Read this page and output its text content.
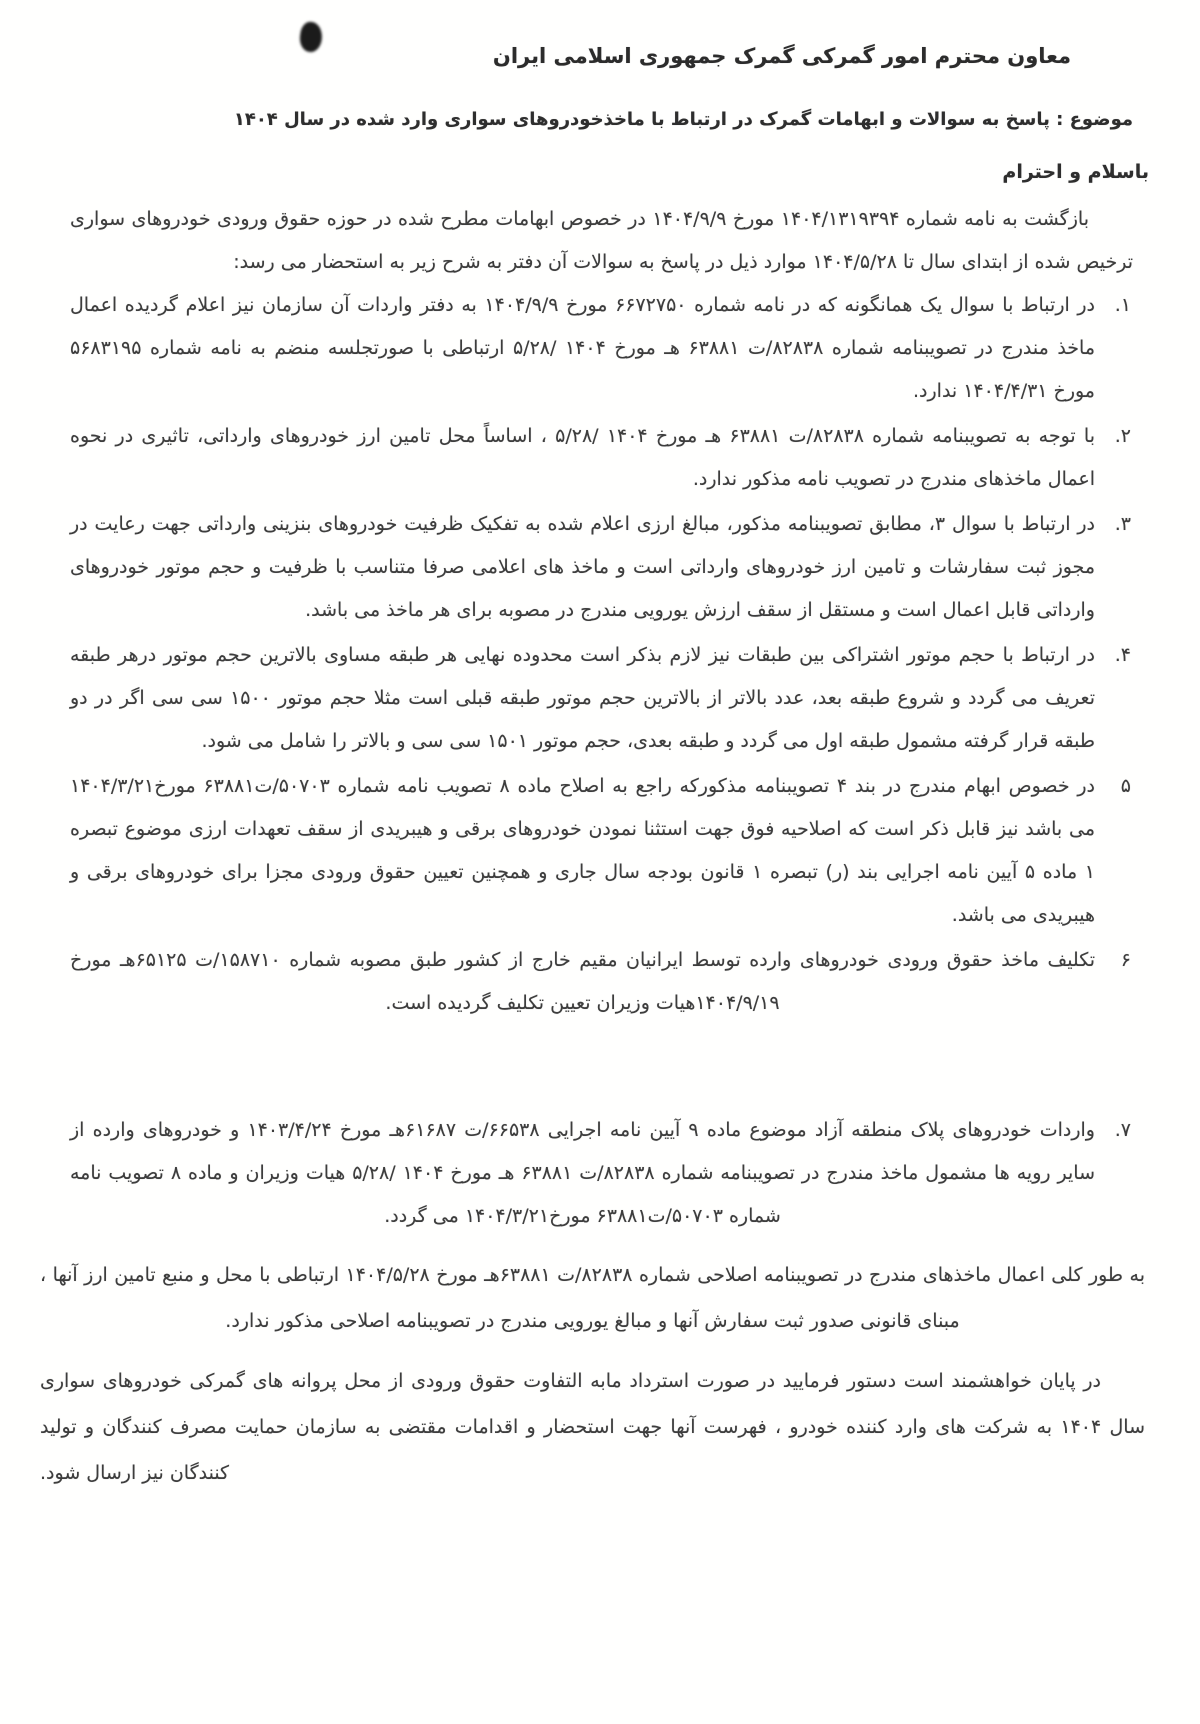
معاون محترم امور گمرکی گمرک جمهوری اسلامی ایران
موضوع : پاسخ به سوالات و ابهامات گمرک در ارتباط با ماخذخودروهای سواری وارد شده در سال ۱۴۰۴
باسلام و احترام

بازگشت به نامه شماره ۱۴۰۴/۱۳۱۹۳۹۴ مورخ ۱۴۰۴/۹/۹ در خصوص ابهامات مطرح شده در حوزه حقوق ورودی خودروهای سواری ترخیص شده از ابتدای سال تا ۱۴۰۴/۵/۲۸ موارد ذیل در پاسخ به سوالات آن دفتر به شرح زیر به استحضار می رسد:

۱.
در ارتباط با سوال یک همانگونه که در نامه شماره ۶۶۷۲۷۵۰ مورخ ۱۴۰۴/۹/۹ به دفتر واردات آن سازمان نیز اعلام گردیده اعمال ماخذ مندرج در تصویبنامه شماره ۸۲۸۳۸/ت ۶۳۸۸۱ هـ مورخ ۱۴۰۴ /۵/۲۸ ارتباطی با صورتجلسه منضم به نامه شماره ۵۶۸۳۱۹۵ مورخ ۱۴۰۴/۴/۳۱ ندارد.
۲.
با توجه به تصویبنامه شماره ۸۲۸۳۸/ت ۶۳۸۸۱ هـ مورخ ۱۴۰۴ /۵/۲۸ ، اساساً محل تامین ارز خودروهای وارداتی، تاثیری در نحوه اعمال ماخذهای مندرج در تصویب نامه مذکور ندارد.
۳.
در ارتباط با سوال ۳، مطابق تصویبنامه مذکور، مبالغ ارزی اعلام شده به تفکیک ظرفیت خودروهای بنزینی وارداتی جهت رعایت در مجوز ثبت سفارشات و تامین ارز خودروهای وارداتی است و ماخذ های اعلامی صرفا متناسب با ظرفیت و حجم موتور خودروهای وارداتی قابل اعمال است و مستقل از سقف ارزش یورویی مندرج در مصوبه برای هر ماخذ می باشد.
۴.
در ارتباط با حجم موتور اشتراکی بین طبقات نیز لازم بذکر است محدوده نهایی هر طبقه مساوی بالاترین حجم موتور درهر طبقه تعریف می گردد و شروع طبقه بعد، عدد بالاتر از بالاترین حجم موتور طبقه قبلی است مثلا حجم موتور ۱۵۰۰ سی سی اگر در دو طبقه قرار گرفته مشمول طبقه اول می گردد و طبقه بعدی، حجم موتور ۱۵۰۱ سی سی و بالاتر را شامل می شود.
۵
در خصوص ابهام مندرج در بند ۴ تصویبنامه مذکورکه راجع به اصلاح ماده ۸ تصویب نامه شماره ۵۰۷۰۳/ت۶۳۸۸۱ مورخ۱۴۰۴/۳/۲۱ می باشد نیز قابل ذکر است که اصلاحیه فوق جهت استثنا نمودن خودروهای برقی و هیبریدی از سقف تعهدات ارزی موضوع تبصره ۱ ماده ۵ آیین نامه اجرایی بند (ر) تبصره ۱ قانون بودجه سال جاری و همچنین تعیین حقوق ورودی مجزا برای خودروهای برقی و هیبریدی می باشد.
۶
تکلیف ماخذ حقوق ورودی خودروهای وارده توسط ایرانیان مقیم خارج از کشور طبق مصوبه شماره ۱۵۸۷۱۰/ت ۶۵۱۲۵هـ مورخ ۱۴۰۴/۹/۱۹هیات وزیران تعیین تکلیف گردیده است.
۷.
واردات خودروهای پلاک منطقه آزاد موضوع ماده ۹ آیین نامه اجرایی ۶۶۵۳۸/ت ۶۱۶۸۷هـ مورخ ۱۴۰۳/۴/۲۴ و خودروهای وارده از سایر رویه ها مشمول ماخذ مندرج در تصویبنامه شماره ۸۲۸۳۸/ت ۶۳۸۸۱ هـ مورخ ۱۴۰۴ /۵/۲۸ هیات وزیران و ماده ۸ تصویب نامه شماره ۵۰۷۰۳/ت۶۳۸۸۱ مورخ۱۴۰۴/۳/۲۱ می گردد.

به طور کلی اعمال ماخذهای مندرج در تصویبنامه اصلاحی شماره ۸۲۸۳۸/ت ۶۳۸۸۱هـ مورخ ۱۴۰۴/۵/۲۸ ارتباطی با محل و منبع تامین ارز آنها ، مبنای قانونی صدور ثبت سفارش آنها و مبالغ یورویی مندرج در تصویبنامه اصلاحی مذکور ندارد.

در پایان خواهشمند است دستور فرمایید در صورت استرداد مابه التفاوت حقوق ورودی از محل پروانه های گمرکی خودروهای سواری سال ۱۴۰۴ به شرکت های وارد کننده خودرو ، فهرست آنها جهت استحضار و اقدامات مقتضی به سازمان حمایت مصرف کنندگان و تولید کنندگان نیز ارسال شود.
